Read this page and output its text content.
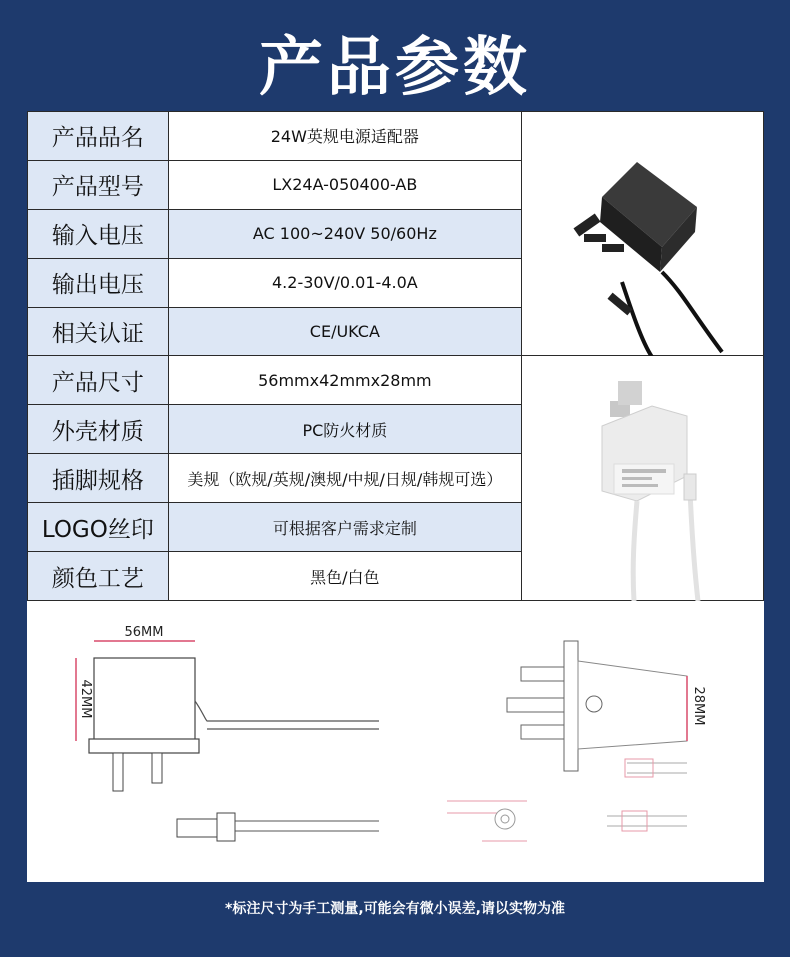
产品参数
产品品名	24W英规电源适配器
产品型号	LX24A-050400-AB
输入电压	AC 100~240V 50/60Hz
输出电压	4.2-30V/0.01-4.0A
相关认证	CE/UKCA
产品尺寸	56mmx42mmx28mm
外壳材质	PC防火材质
插脚规格	美规（欧规/英规/澳规/中规/日规/韩规可选）
LOGO丝印	可根据客户需求定制
颜色工艺	黑色/白色
56MM
42MM	28MM
*标注尺寸为手工测量,可能会有微小误差,请以实物为准
